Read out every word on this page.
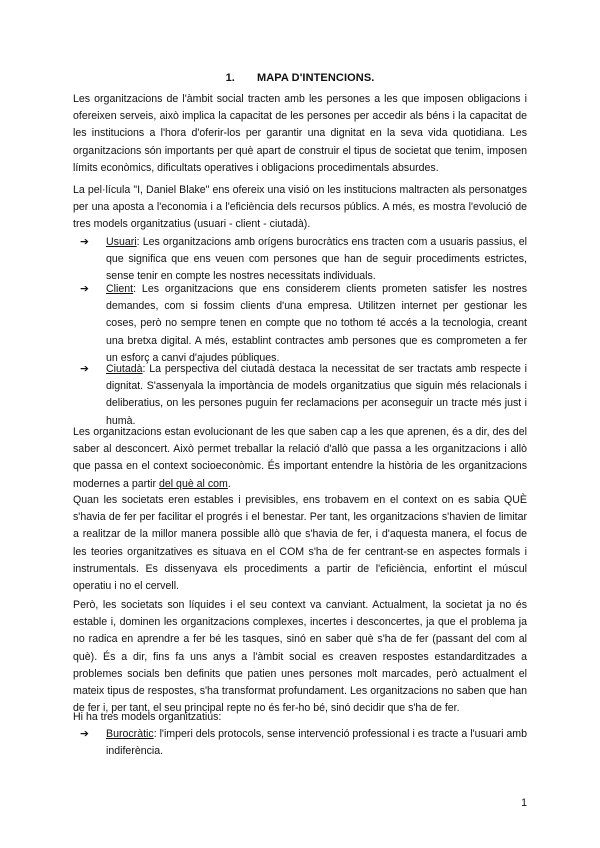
1. MAPA D'INTENCIONS.

Les organitzacions de l'àmbit social tracten amb les persones a les que imposen obligacions i ofereixen serveis, això implica la capacitat de les persones per accedir als béns i la capacitat de les institucions a l'hora d'oferir-los per garantir una dignitat en la seva vida quotidiana. Les organitzacions són importants per què apart de construir el tipus de societat que tenim, imposen límits econòmics, dificultats operatives i obligacions procedimentals absurdes.

La pel·lícula "I, Daniel Blake" ens ofereix una visió on les institucions maltracten als personatges per una aposta a l'economia i a l'eficiència dels recursos públics. A més, es mostra l'evolució de tres models organitzatius (usuari - client - ciutadà).

➔ Usuari: Les organitzacions amb orígens burocràtics ens tracten com a usuaris passius, el que significa que ens veuen com persones que han de seguir procediments estrictes, sense tenir en compte les nostres necessitats individuals.
➔ Client: Les organitzacions que ens considerem clients prometen satisfer les nostres demandes, com si fossim clients d'una empresa. Utilitzen internet per gestionar les coses, però no sempre tenen en compte que no tothom té accés a la tecnologia, creant una bretxa digital. A més, establint contractes amb persones que es comprometen a fer un esforç a canvi d'ajudes públiques.
➔ Ciutadà: La perspectiva del ciutadà destaca la necessitat de ser tractats amb respecte i dignitat. S'assenyala la importància de models organitzatius que siguin més relacionals i deliberatius, on les persones puguin fer reclamacions per aconseguir un tracte més just i humà.

Les organitzacions estan evolucionant de les que saben cap a les que aprenen, és a dir, des del saber al desconcert. Això permet treballar la relació d'allò que passa a les organitzacions i allò que passa en el context socioeconòmic. És important entendre la història de les organitzacions modernes a partir del què al com.

Quan les societats eren estables i previsibles, ens trobavem en el context on es sabia QUÈ s'havia de fer per facilitar el progrés i el benestar. Per tant, les organitzacions s'havien de limitar a realitzar de la millor manera possible allò que s'havia de fer, i d'aquesta manera, el focus de les teories organitzatives es situava en el COM s'ha de fer centrant-se en aspectes formals i instrumentals. Es dissenyava els procediments a partir de l'eficiència, enfortint el múscul operatiu i no el cervell.

Però, les societats son líquides i el seu context va canviant. Actualment, la societat ja no és estable i, dominen les organitzacions complexes, incertes i desconcertes, ja que el problema ja no radica en aprendre a fer bé les tasques, sinó en saber què s'ha de fer (passant del com al què). És a dir, fins fa uns anys a l'àmbit social es creaven respostes estandarditzades a problemes socials ben definits que patien unes persones molt marcades, però actualment el mateix tipus de respostes, s'ha transformat profundament. Les organitzacions no saben que han de fer i, per tant, el seu principal repte no és fer-ho bé, sinó decidir que s'ha de fer.

Hi ha tres models organitzatius:

➔ Burocràtic: l'imperi dels protocols, sense intervenció professional i es tracte a l'usuari amb indiferència.
1
